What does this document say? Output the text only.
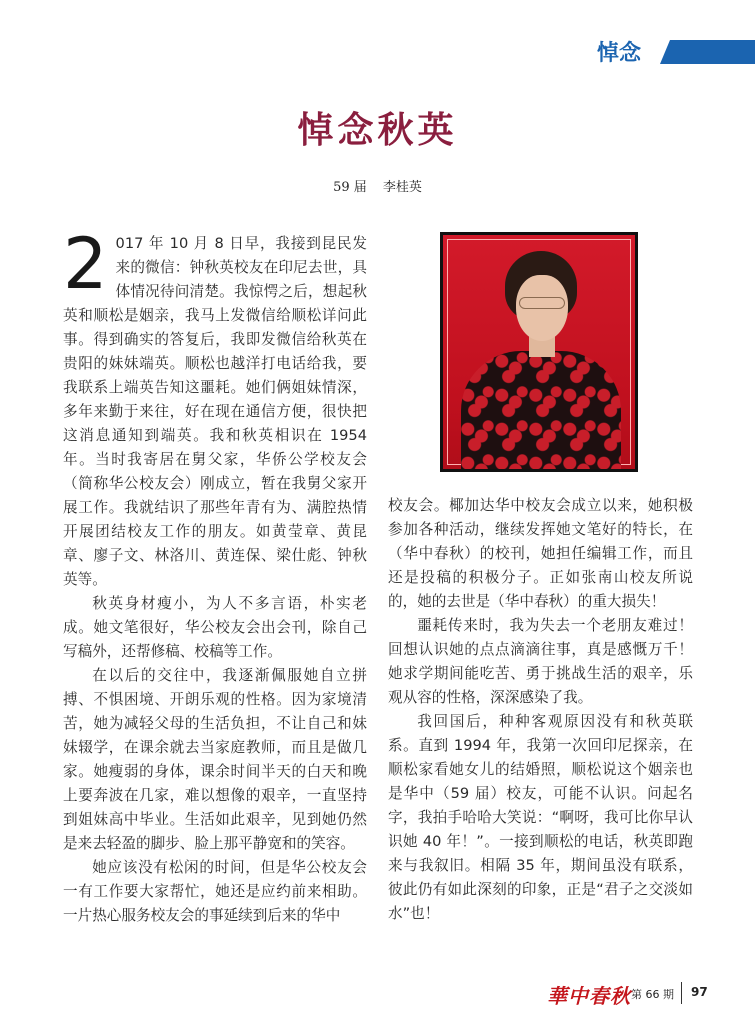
悼念
悼念秋英
59 届 李桂英

2 017 年 10 月 8 日早，我接到昆民发来的微信：钟秋英校友在印尼去世，具体情况待问清楚。我惊愕之后，想起秋英和顺松是姻亲，我马上发微信给顺松详问此事。得到确实的答复后，我即发微信给秋英在贵阳的妹妹端英。顺松也越洋打电话给我，要我联系上端英告知这噩耗。她们俩姐妹情深，多年来勤于来往，好在现在通信方便，很快把这消息通知到端英。我和秋英相识在 1954 年。当时我寄居在舅父家，华侨公学校友会（简称华公校友会）刚成立，暂在我舅父家开展工作。我就结识了那些年青有为、满腔热情开展团结校友工作的朋友。如黄莹章、黄昆章、廖子文、林洛川、黄连保、梁仕彪、钟秋英等。

秋英身材瘦小，为人不多言语，朴实老成。她文笔很好，华公校友会出会刊，除自己写稿外，还帮修稿、校稿等工作。

在以后的交往中，我逐渐佩服她自立拼搏、不惧困境、开朗乐观的性格。因为家境清苦，她为减轻父母的生活负担，不让自己和妹妹辍学，在课余就去当家庭教师，而且是做几家。她瘦弱的身体，课余时间半天的白天和晚上要奔波在几家，难以想像的艰辛，一直坚持到姐妹高中毕业。生活如此艰辛，见到她仍然是来去轻盈的脚步、脸上那平静宽和的笑容。

她应该没有松闲的时间，但是华公校友会一有工作要大家帮忙，她还是应约前来相助。一片热心服务校友会的事延续到后来的华中

校友会。椰加达华中校友会成立以来，她积极参加各种活动，继续发挥她文笔好的特长，在（华中春秋）的校刊，她担任编辑工作，而且还是投稿的积极分子。正如张南山校友所说的，她的去世是（华中春秋）的重大损失！

噩耗传来时，我为失去一个老朋友难过！回想认识她的点点滴滴往事，真是感慨万千！她求学期间能吃苦、勇于挑战生活的艰辛，乐观从容的性格，深深感染了我。

我回国后，种种客观原因没有和秋英联系。直到 1994 年，我第一次回印尼探亲，在顺松家看她女儿的结婚照，顺松说这个姻亲也是华中（59 届）校友，可能不认识。问起名字，我拍手哈哈大笑说：“啊呀，我可比你早认识她 40 年！”。一接到顺松的电话，秋英即跑来与我叙旧。相隔 35 年，期间虽没有联系，彼此仍有如此深刻的印象，正是“君子之交淡如水”也！

華中春秋 第 66 期 97
